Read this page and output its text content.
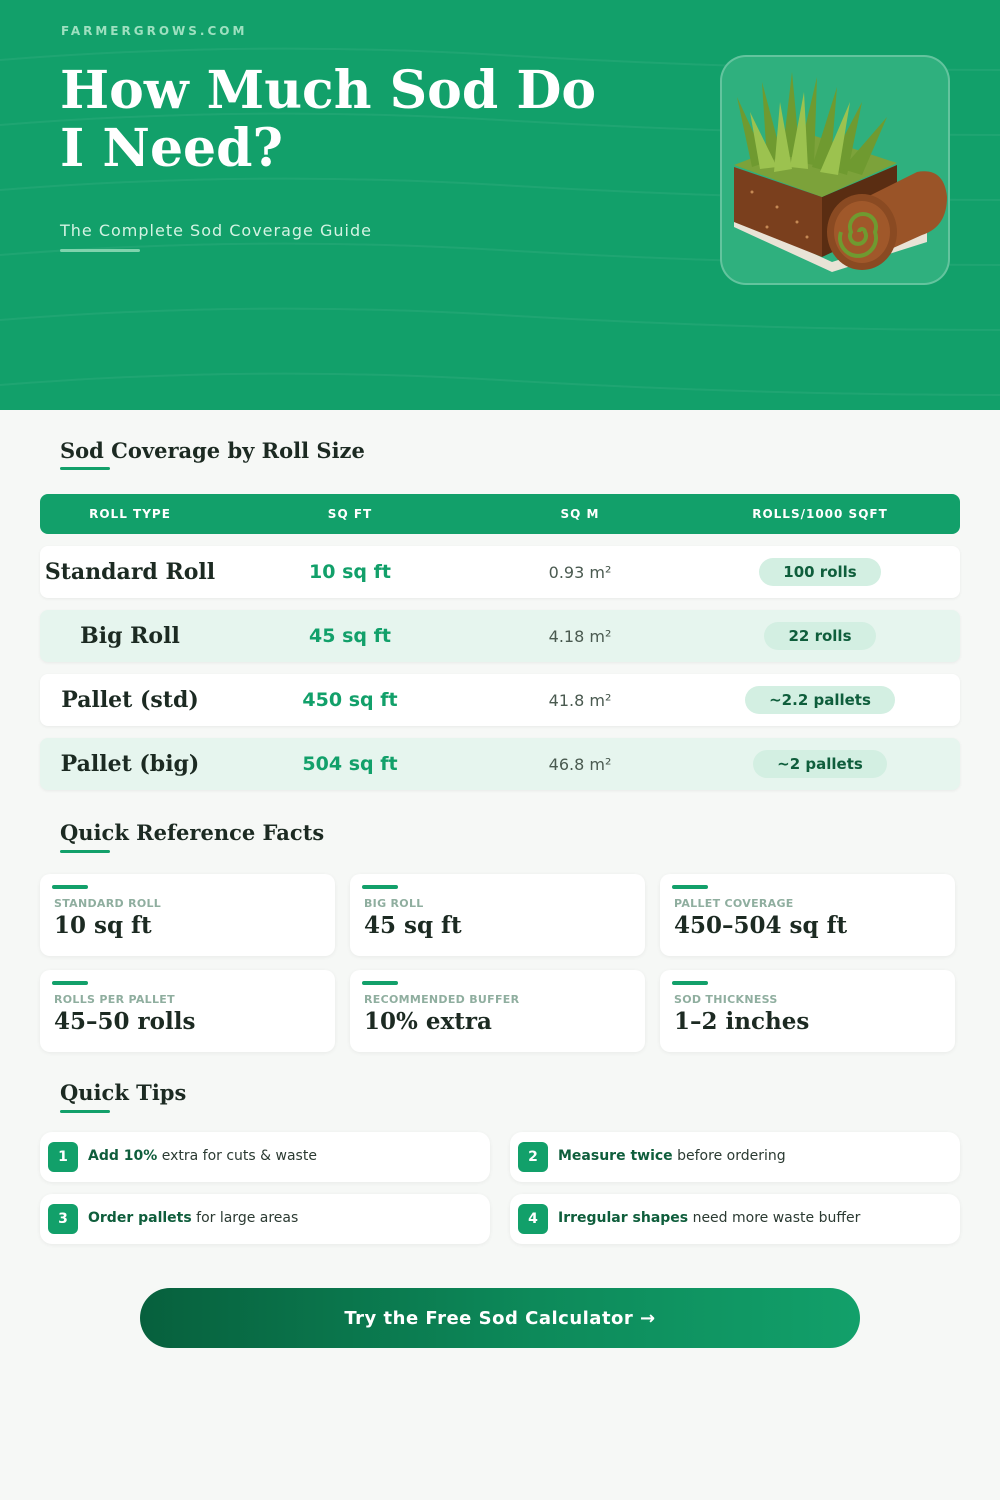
FARMERGROWS.COM
How Much Sod Do
I Need?
The Complete Sod Coverage Guide
Sod Coverage by Roll Size
ROLL TYPE	SQ FT	SQ M	ROLLS/1000 SQFT
Standard Roll	10 sq ft	0.93 m²	100 rolls
Big Roll	45 sq ft	4.18 m²	22 rolls
Pallet (std)	450 sq ft	41.8 m²	~2.2 pallets
Pallet (big)	504 sq ft	46.8 m²	~2 pallets
Quick Reference Facts
STANDARD ROLL
10 sq ft
BIG ROLL
45 sq ft
PALLET COVERAGE
450–504 sq ft
ROLLS PER PALLET
45–50 rolls
RECOMMENDED BUFFER
10% extra
SOD THICKNESS
1–2 inches
Quick Tips
1	Add 10% extra for cuts & waste	2	Measure twice before ordering
3	Order pallets for large areas	4	Irregular shapes need more waste buffer
Try the Free Sod Calculator →
